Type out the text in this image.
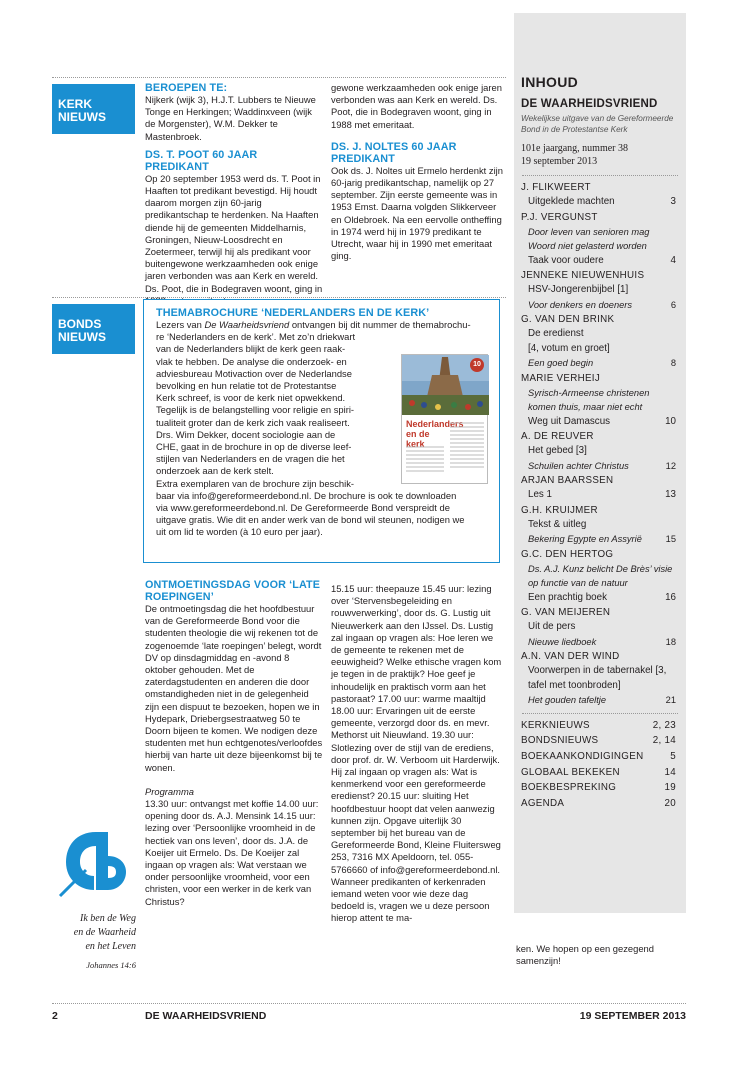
KERK NIEUWS
BONDS NIEUWS
BEROEPEN TE:

Nijkerk (wijk 3), H.J.T. Lubbers te Nieuwe Tonge en Herkingen; Waddinxveen (wijk de Morgenster), W.M. Dekker te Mastenbroek.

DS. T. POOT 60 JAAR PREDIKANT

Op 20 september 1953 werd ds. T. Poot in Haaften tot predikant bevestigd. Hij houdt daarom morgen zijn 60-jarig predikantschap te herdenken. Na Haaften diende hij de gemeenten Middelharnis, Groningen, Nieuw-Loosdrecht en Zoetermeer, terwijl hij als predikant voor buitengewone werkzaamheden ook enige jaren verbonden was aan Kerk en wereld. Ds. Poot, die in Bodegraven woont, ging in

gewone werkzaamheden ook enige jaren verbonden was aan Kerk en wereld. Ds. Poot, die in Bodegraven woont, ging in 1988 met emeritaat.

DS. J. NOLTES 60 JAAR PREDIKANT

Ook ds. J. Noltes uit Ermelo herdenkt zijn 60-jarig predikantschap, namelijk op 27 september. Zijn eerste gemeente was in 1953 Emst. Daarna volgden Slikkerveer en Oldebroek. Na een eervolle ontheffing in 1974 werd hij in 1979 predikant te Utrecht, waar hij in 1990 met emeritaat ging.

THEMABROCHURE ‘NEDERLANDERS EN DE KERK’

Lezers van De Waarheidsvriend ontvangen bij dit nummer de themabrochu-

re ‘Nederlanders en de kerk’. Met zo’n driekwart

van de Nederlanders blijkt de kerk geen raak-

vlak te hebben. De analyse die onderzoek- en

adviesbureau Motivaction over de Nederlandse

bevolking en hun relatie tot de Protestantse

Kerk schreef, is voor de kerk niet opwekkend.

Tegelijk is de belangstelling voor religie en spiri-

tualiteit groter dan de kerk zich vaak realiseert.

Drs. Wim Dekker, docent sociologie aan de

CHE, gaat in de brochure in op de diverse leef-

stijlen van Nederlanders en de vragen die het

onderzoek aan de kerk stelt.

Extra exemplaren van de brochure zijn beschik-

baar via info@gereformeerdebond.nl. De brochure is ook te downloaden

via www.gereformeerdebond.nl. De Gereformeerde Bond verspreidt de

uitgave gratis. Wie dit en ander werk van de bond wil steunen, nodigen we

uit om lid te worden (à 10 euro per jaar).

10
Nederlanders en de kerk
ONTMOETINGSDAG VOOR ‘LATE ROEPINGEN’

De ontmoetingsdag die het hoofdbestuur van de Gereformeerde Bond voor die studenten theologie die wij rekenen tot de zogenoemde ‘late roepingen’ belegt, wordt DV op dinsdagmiddag en -avond 8 oktober gehouden. Met de zaterdagstudenten en anderen die door omstandigheden niet in de gelegenheid zijn een dispuut te bezoeken, hopen we in Hydepark, Driebergsestraatweg 50 te Doorn bijeen te komen. We nodigen deze studenten met hun echtgenotes/verloofdes hierbij van harte uit deze bijeenkomst bij te wonen.

Programma

13.30 uur: ontvangst met koffie 14.00 uur: opening door ds. A.J. Mensink 14.15 uur: lezing over ‘Persoonlijke vroomheid in de hectiek van ons leven’, door ds. J.A. de Koeijer uit Ermelo. Ds. De Koeijer zal ingaan op vragen als: Wat verstaan we onder persoonlijke vroomheid, voor een christen, voor een werker in de kerk van Christus?

15.15 uur: theepauze 15.45 uur: lezing over ‘Stervensbegeleiding en rouwverwerking’, door ds. G. Lustig uit Nieuwerkerk aan den IJssel. Ds. Lustig zal ingaan op vragen als: Hoe leren we de gemeente te rekenen met de eeuwigheid? Welke ethische vragen kom je tegen in de praktijk? Hoe geef je inhoudelijk en praktisch vorm aan het pastoraat? 17.00 uur: warme maaltijd 18.00 uur: Ervaringen uit de eerste gemeente, verzorgd door ds. en mevr. Methorst uit Nieuwland. 19.30 uur: Slotlezing over de stijl van de erediens, door prof. dr. W. Verboom uit Harderwijk. Hij zal ingaan op vragen als: Wat is kenmerkend voor een gereformeerde eredienst? 20.15 uur: sluiting Het hoofdbestuur hoopt dat velen aanwezig kunnen zijn. Opgave uiterlijk 30 september bij het bureau van de Gereformeerde Bond, Kleine Fluitersweg 253, 7316 MX Apeldoorn, tel. 055-5766660 of info@gereformeerdebond.nl. Wanneer predikanten of kerkenraden iemand weten voor wie deze dag bedoeld is, vragen we u deze persoon hierop attent te ma-

ken. We hopen op een gezegend samenzijn!

Ik ben de Weg
en de Waarheid
en het Leven
Johannes 14:6
INHOUD
DE WAARHEIDSVRIEND
Wekelijkse uitgave van de Gereformeerde Bond in de Protestantse Kerk
101e jaargang, nummer 38
19 september 2013
J. FLIKWEERT
Uitgeklede machten	3
P.J. VERGUNST
Door leven van senioren mag Woord niet gelasterd worden
Taak voor oudere	4
JENNEKE NIEUWENHUIS
HSV-Jongerenbijbel [1]
Voor denkers en doeners	6
G. VAN DEN BRINK
De eredienst
[4, votum en groet]
Een goed begin	8
MARIE VERHEIJ
Syrisch-Armeense christenen komen thuis, maar niet echt
Weg uit Damascus	10
A. DE REUVER
Het gebed [3]
Schuilen achter Christus	12
ARJAN BAARSSEN
Les 1	13
G.H. KRUIJMER
Tekst & uitleg
Bekering Egypte en Assyrië	15
G.C. DEN HERTOG
Ds. A.J. Kunz belicht De Brès’ visie op functie van de natuur
Een prachtig boek	16
G. VAN MEIJEREN
Uit de pers
Nieuwe liedboek	18
A.N. VAN DER WIND
Voorwerpen in de tabernakel [3, tafel met toonbroden]
Het gouden tafeltje	21
KERKNIEUWS	2, 23
BONDSNIEUWS	2, 14
BOEKAANKONDIGINGEN	5
GLOBAAL BEKEKEN	14
BOEKBESPREKING	19
AGENDA	20
2	DE WAARHEIDSVRIEND	19 SEPTEMBER 2013
